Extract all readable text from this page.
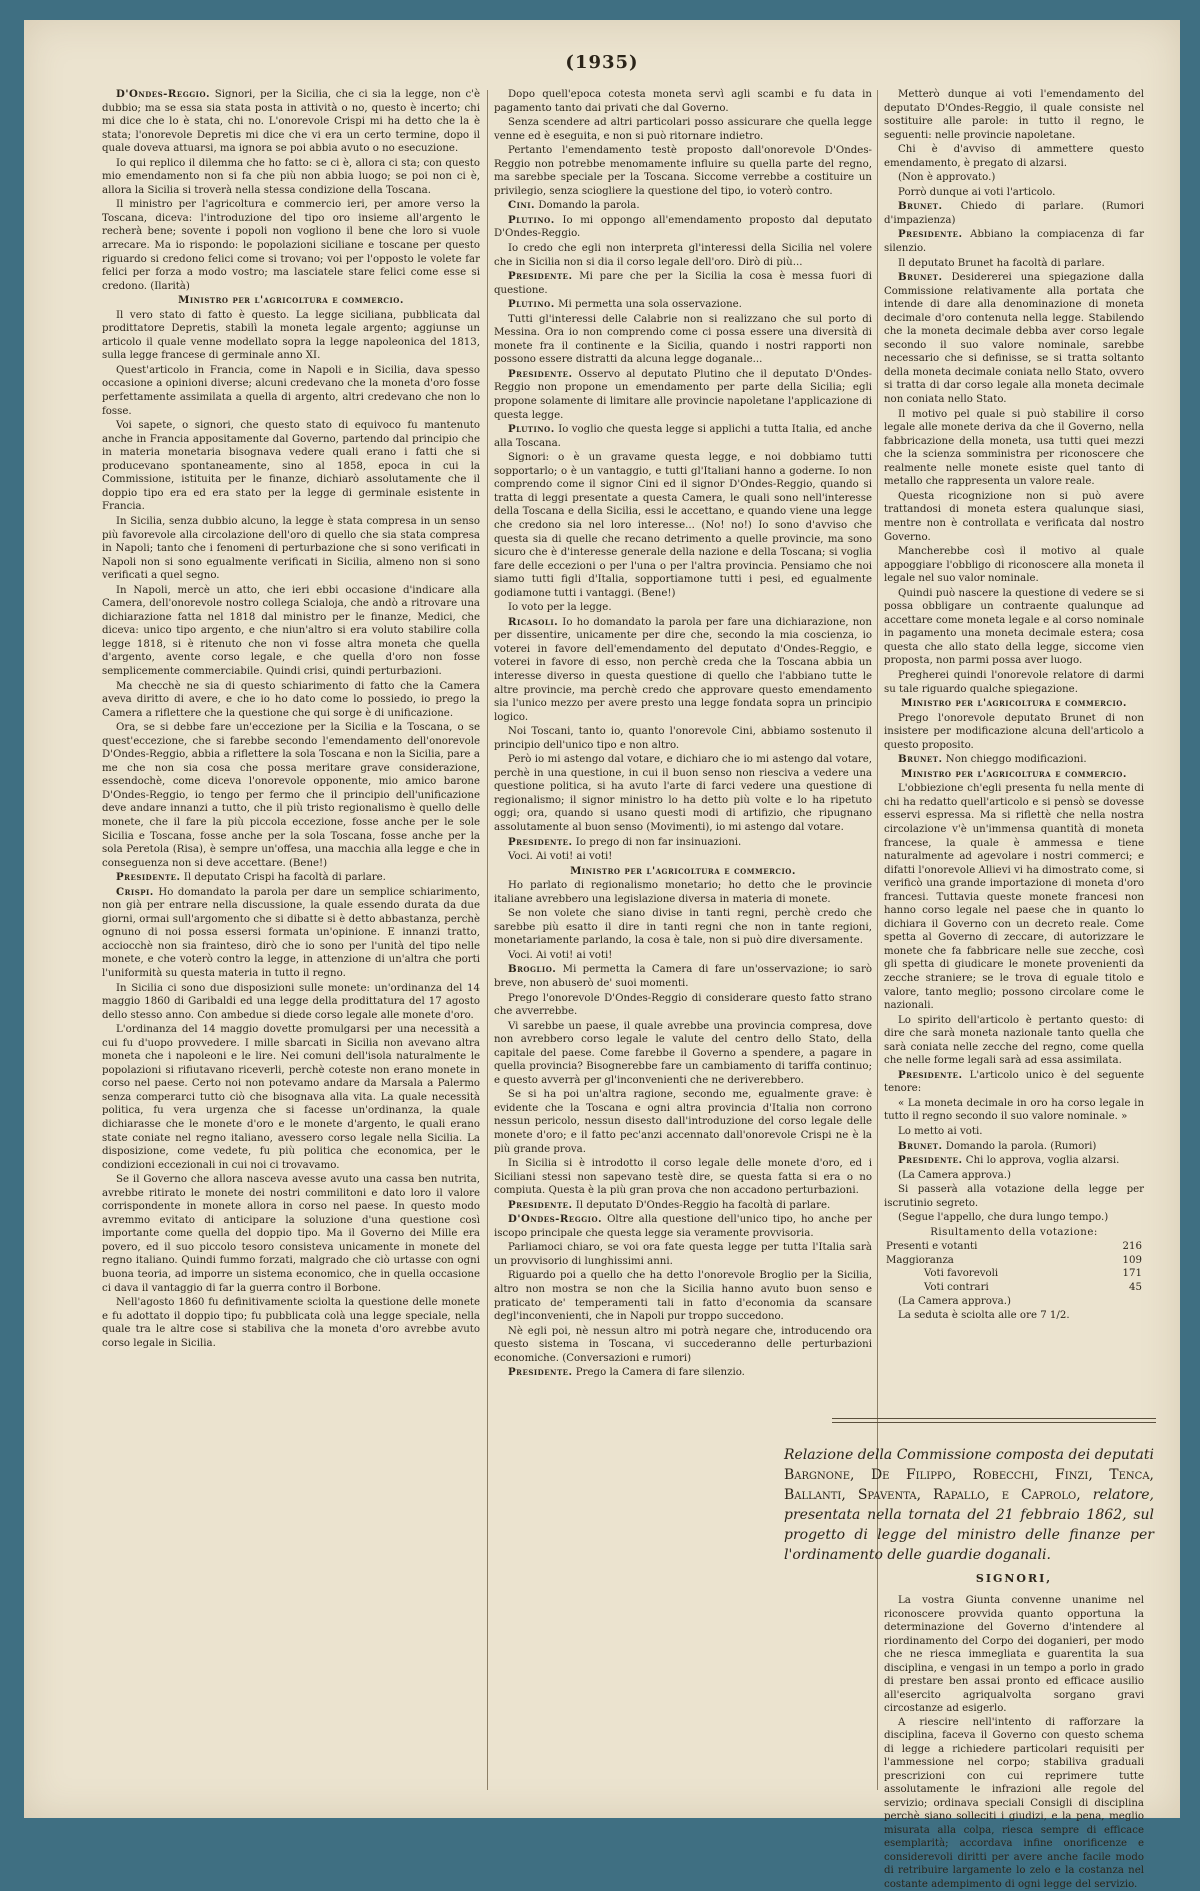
(1935)

D'Ondes-Reggio. Signori, per la Sicilia, che ci sia la legge, non c'è dubbio; ma se essa sia stata posta in attività o no, questo è incerto; chi mi dice che lo è stata, chi no. L'onorevole Crispi mi ha detto che la è stata; l'onorevole Depretis mi dice che vi era un certo termine, dopo il quale doveva attuarsi, ma ignora se poi abbia avuto o no esecuzione.

Io qui replico il dilemma che ho fatto: se ci è, allora ci sta; con questo mio emendamento non si fa che più non abbia luogo; se poi non ci è, allora la Sicilia si troverà nella stessa condizione della Toscana.

Il ministro per l'agricoltura e commercio ieri, per amore verso la Toscana, diceva: l'introduzione del tipo oro insieme all'argento le recherà bene; sovente i popoli non vogliono il bene che loro si vuole arrecare. Ma io rispondo: le popolazioni siciliane e toscane per questo riguardo si credono felici come si trovano; voi per l'opposto le volete far felici per forza a modo vostro; ma lasciatele stare felici come esse si credono. (Ilarità)

Ministro per l'agricoltura e commercio.

Il vero stato di fatto è questo. La legge siciliana, pubblicata dal prodittatore Depretis, stabilì la moneta legale argento; aggiunse un articolo il quale venne modellato sopra la legge napoleonica del 1813, sulla legge francese di germinale anno XI.

Quest'articolo in Francia, come in Napoli e in Sicilia, dava spesso occasione a opinioni diverse; alcuni credevano che la moneta d'oro fosse perfettamente assimilata a quella di argento, altri credevano che non lo fosse.

Voi sapete, o signori, che questo stato di equivoco fu mantenuto anche in Francia appositamente dal Governo, partendo dal principio che in materia monetaria bisognava vedere quali erano i fatti che si producevano spontaneamente, sino al 1858, epoca in cui la Commissione, istituita per le finanze, dichiarò assolutamente che il doppio tipo era ed era stato per la legge di germinale esistente in Francia.

In Sicilia, senza dubbio alcuno, la legge è stata compresa in un senso più favorevole alla circolazione dell'oro di quello che sia stata compresa in Napoli; tanto che i fenomeni di perturbazione che si sono verificati in Napoli non si sono egualmente verificati in Sicilia, almeno non si sono verificati a quel segno.

In Napoli, mercè un atto, che ieri ebbi occasione d'indicare alla Camera, dell'onorevole nostro collega Scialoja, che andò a ritrovare una dichiarazione fatta nel 1818 dal ministro per le finanze, Medici, che diceva: unico tipo argento, e che niun'altro si era voluto stabilire colla legge 1818, si è ritenuto che non vi fosse altra moneta che quella d'argento, avente corso legale, e che quella d'oro non fosse semplicemente commerciabile. Quindi crisi, quindi perturbazioni.

Ma checchè ne sia di questo schiarimento di fatto che la Camera aveva diritto di avere, e che io ho dato come lo possiedo, io prego la Camera a riflettere che la questione che qui sorge è di unificazione.

Ora, se si debbe fare un'eccezione per la Sicilia e la Toscana, o se quest'eccezione, che si farebbe secondo l'emendamento dell'onorevole D'Ondes-Reggio, abbia a riflettere la sola Toscana e non la Sicilia, pare a me che non sia cosa che possa meritare grave considerazione, essendochè, come diceva l'onorevole opponente, mio amico barone D'Ondes-Reggio, io tengo per fermo che il principio dell'unificazione deve andare innanzi a tutto, che il più tristo regionalismo è quello delle monete, che il fare la più piccola eccezione, fosse anche per le sole Sicilia e Toscana, fosse anche per la sola Toscana, fosse anche per la sola Peretola (Risa), è sempre un'offesa, una macchia alla legge e che in conseguenza non si deve accettare. (Bene!)

Presidente. Il deputato Crispi ha facoltà di parlare.

Crispi. Ho domandato la parola per dare un semplice schiarimento, non già per entrare nella discussione, la quale essendo durata da due giorni, ormai sull'argomento che si dibatte si è detto abbastanza, perchè ognuno di noi possa essersi formata un'opinione. E innanzi tratto, acciocchè non sia frainteso, dirò che io sono per l'unità del tipo nelle monete, e che voterò contro la legge, in attenzione di un'altra che porti l'uniformità su questa materia in tutto il regno.

In Sicilia ci sono due disposizioni sulle monete: un'ordinanza del 14 maggio 1860 di Garibaldi ed una legge della prodittatura del 17 agosto dello stesso anno. Con ambedue si diede corso legale alle monete d'oro.

L'ordinanza del 14 maggio dovette promulgarsi per una necessità a cui fu d'uopo provvedere. I mille sbarcati in Sicilia non avevano altra moneta che i napoleoni e le lire. Nei comuni dell'isola naturalmente le popolazioni si rifiutavano riceverli, perchè coteste non erano monete in corso nel paese. Certo noi non potevamo andare da Marsala a Palermo senza comperarci tutto ciò che bisognava alla vita. La quale necessità politica, fu vera urgenza che si facesse un'ordinanza, la quale dichiarasse che le monete d'oro e le monete d'argento, le quali erano state coniate nel regno italiano, avessero corso legale nella Sicilia. La disposizione, come vedete, fu più politica che economica, per le condizioni eccezionali in cui noi ci trovavamo.

Se il Governo che allora nasceva avesse avuto una cassa ben nutrita, avrebbe ritirato le monete dei nostri commilitoni e dato loro il valore corrispondente in monete allora in corso nel paese. In questo modo avremmo evitato di anticipare la soluzione d'una questione così importante come quella del doppio tipo. Ma il Governo dei Mille era povero, ed il suo piccolo tesoro consisteva unicamente in monete del regno italiano. Quindi fummo forzati, malgrado che ciò urtasse con ogni buona teoria, ad imporre un sistema economico, che in quella occasione ci dava il vantaggio di far la guerra contro il Borbone.

Nell'agosto 1860 fu definitivamente sciolta la questione delle monete e fu adottato il doppio tipo; fu pubblicata colà una legge speciale, nella quale tra le altre cose si stabiliva che la moneta d'oro avrebbe avuto corso legale in Sicilia.

Dopo quell'epoca cotesta moneta servì agli scambi e fu data in pagamento tanto dai privati che dal Governo.

Senza scendere ad altri particolari posso assicurare che quella legge venne ed è eseguita, e non si può ritornare indietro.

Pertanto l'emendamento testè proposto dall'onorevole D'Ondes-Reggio non potrebbe menomamente influire su quella parte del regno, ma sarebbe speciale per la Toscana. Siccome verrebbe a costituire un privilegio, senza sciogliere la questione del tipo, io voterò contro.

Cini. Domando la parola.

Plutino. Io mi oppongo all'emendamento proposto dal deputato D'Ondes-Reggio.

Io credo che egli non interpreta gl'interessi della Sicilia nel volere che in Sicilia non si dia il corso legale dell'oro. Dirò di più...

Presidente. Mi pare che per la Sicilia la cosa è messa fuori di questione.

Plutino. Mi permetta una sola osservazione.

Tutti gl'interessi delle Calabrie non si realizzano che sul porto di Messina. Ora io non comprendo come ci possa essere una diversità di monete fra il continente e la Sicilia, quando i nostri rapporti non possono essere distratti da alcuna legge doganale...

Presidente. Osservo al deputato Plutino che il deputato D'Ondes-Reggio non propone un emendamento per parte della Sicilia; egli propone solamente di limitare alle provincie napoletane l'applicazione di questa legge.

Plutino. Io voglio che questa legge si applichi a tutta Italia, ed anche alla Toscana.

Signori: o è un gravame questa legge, e noi dobbiamo tutti sopportarlo; o è un vantaggio, e tutti gl'Italiani hanno a goderne. Io non comprendo come il signor Cini ed il signor D'Ondes-Reggio, quando si tratta di leggi presentate a questa Camera, le quali sono nell'interesse della Toscana e della Sicilia, essi le accettano, e quando viene una legge che credono sia nel loro interesse... (No! no!) Io sono d'avviso che questa sia di quelle che recano detrimento a quelle provincie, ma sono sicuro che è d'interesse generale della nazione e della Toscana; si voglia fare delle eccezioni o per l'una o per l'altra provincia. Pensiamo che noi siamo tutti figli d'Italia, sopportiamone tutti i pesi, ed egualmente godiamone tutti i vantaggi. (Bene!)

Io voto per la legge.

Ricasoli. Io ho domandato la parola per fare una dichiarazione, non per dissentire, unicamente per dire che, secondo la mia coscienza, io voterei in favore dell'emendamento del deputato d'Ondes-Reggio, e voterei in favore di esso, non perchè creda che la Toscana abbia un interesse diverso in questa questione di quello che l'abbiano tutte le altre provincie, ma perchè credo che approvare questo emendamento sia l'unico mezzo per avere presto una legge fondata sopra un principio logico.

Noi Toscani, tanto io, quanto l'onorevole Cini, abbiamo sostenuto il principio dell'unico tipo e non altro.

Però io mi astengo dal votare, e dichiaro che io mi astengo dal votare, perchè in una questione, in cui il buon senso non riesciva a vedere una questione politica, si ha avuto l'arte di farci vedere una questione di regionalismo; il signor ministro lo ha detto più volte e lo ha ripetuto oggi; ora, quando si usano questi modi di artifizio, che ripugnano assolutamente al buon senso (Movimenti), io mi astengo dal votare.

Presidente. Io prego di non far insinuazioni.

Voci. Ai voti! ai voti!

Ministro per l'agricoltura e commercio.

Ho parlato di regionalismo monetario; ho detto che le provincie italiane avrebbero una legislazione diversa in materia di monete.

Se non volete che siano divise in tanti regni, perchè credo che sarebbe più esatto il dire in tanti regni che non in tante regioni, monetariamente parlando, la cosa è tale, non si può dire diversamente.

Voci. Ai voti! ai voti!

Broglio. Mi permetta la Camera di fare un'osservazione; io sarò breve, non abuserò de' suoi momenti.

Prego l'onorevole D'Ondes-Reggio di considerare questo fatto strano che avverrebbe.

Vi sarebbe un paese, il quale avrebbe una provincia compresa, dove non avrebbero corso legale le valute del centro dello Stato, della capitale del paese. Come farebbe il Governo a spendere, a pagare in quella provincia? Bisognerebbe fare un cambiamento di tariffa continuo; e questo avverrà per gl'inconvenienti che ne deriverebbero.

Se si ha poi un'altra ragione, secondo me, egualmente grave: è evidente che la Toscana e ogni altra provincia d'Italia non corrono nessun pericolo, nessun disesto dall'introduzione del corso legale delle monete d'oro; e il fatto pec'anzi accennato dall'onorevole Crispi ne è la più grande prova.

In Sicilia si è introdotto il corso legale delle monete d'oro, ed i Siciliani stessi non sapevano testè dire, se questa fatta si era o no compiuta. Questa è la più gran prova che non accadono perturbazioni.

Presidente. Il deputato D'Ondes-Reggio ha facoltà di parlare.

D'Ondes-Reggio. Oltre alla questione dell'unico tipo, ho anche per iscopo principale che questa legge sia veramente provvisoria.

Parliamoci chiaro, se voi ora fate questa legge per tutta l'Italia sarà un provvisorio di lunghissimi anni.

Riguardo poi a quello che ha detto l'onorevole Broglio per la Sicilia, altro non mostra se non che la Sicilia hanno avuto buon senso e praticato de' temperamenti tali in fatto d'economia da scansare degl'inconvenienti, che in Napoli pur troppo succedono.

Nè egli poi, nè nessun altro mi potrà negare che, introducendo ora questo sistema in Toscana, vi succederanno delle perturbazioni economiche. (Conversazioni e rumori)

Presidente. Prego la Camera di fare silenzio.

Metterò dunque ai voti l'emendamento del deputato D'Ondes-Reggio, il quale consiste nel sostituire alle parole: in tutto il regno, le seguenti: nelle provincie napoletane.

Chi è d'avviso di ammettere questo emendamento, è pregato di alzarsi.

(Non è approvato.)

Porrò dunque ai voti l'articolo.

Brunet. Chiedo di parlare. (Rumori d'impazienza)

Presidente. Abbiano la compiacenza di far silenzio.

Il deputato Brunet ha facoltà di parlare.

Brunet. Desidererei una spiegazione dalla Commissione relativamente alla portata che intende di dare alla denominazione di moneta decimale d'oro contenuta nella legge. Stabilendo che la moneta decimale debba aver corso legale secondo il suo valore nominale, sarebbe necessario che si definisse, se si tratta soltanto della moneta decimale coniata nello Stato, ovvero si tratta di dar corso legale alla moneta decimale non coniata nello Stato.

Il motivo pel quale si può stabilire il corso legale alle monete deriva da che il Governo, nella fabbricazione della moneta, usa tutti quei mezzi che la scienza somministra per riconoscere che realmente nelle monete esiste quel tanto di metallo che rappresenta un valore reale.

Questa ricognizione non si può avere trattandosi di moneta estera qualunque siasi, mentre non è controllata e verificata dal nostro Governo.

Mancherebbe così il motivo al quale appoggiare l'obbligo di riconoscere alla moneta il legale nel suo valor nominale.

Quindi può nascere la questione di vedere se si possa obbligare un contraente qualunque ad accettare come moneta legale e al corso nominale in pagamento una moneta decimale estera; cosa questa che allo stato della legge, siccome vien proposta, non parmi possa aver luogo.

Pregherei quindi l'onorevole relatore di darmi su tale riguardo qualche spiegazione.

Ministro per l'agricoltura e commercio.

Prego l'onorevole deputato Brunet di non insistere per modificazione alcuna dell'articolo a questo proposito.

Brunet. Non chieggo modificazioni.

Ministro per l'agricoltura e commercio.

L'obbiezione ch'egli presenta fu nella mente di chi ha redatto quell'articolo e si pensò se dovesse esservi espressa. Ma si riflettè che nella nostra circolazione v'è un'immensa quantità di moneta francese, la quale è ammessa e tiene naturalmente ad agevolare i nostri commerci; e difatti l'onorevole Allievi vi ha dimostrato come, si verificò una grande importazione di moneta d'oro francesi. Tuttavia queste monete francesi non hanno corso legale nel paese che in quanto lo dichiara il Governo con un decreto reale. Come spetta al Governo di zeccare, di autorizzare le monete che fa fabbricare nelle sue zecche, così gli spetta di giudicare le monete provenienti da zecche straniere; se le trova di eguale titolo e valore, tanto meglio; possono circolare come le nazionali.

Lo spirito dell'articolo è pertanto questo: di dire che sarà moneta nazionale tanto quella che sarà coniata nelle zecche del regno, come quella che nelle forme legali sarà ad essa assimilata.

Presidente. L'articolo unico è del seguente tenore:

« La moneta decimale in oro ha corso legale in tutto il regno secondo il suo valore nominale. »

Lo metto ai voti.

Brunet. Domando la parola. (Rumori)

Presidente. Chi lo approva, voglia alzarsi.

(La Camera approva.)

Si passerà alla votazione della legge per iscrutinio segreto.

(Segue l'appello, che dura lungo tempo.)

Risultamento della votazione:

Presenti e votanti	216
Maggioranza	109
Voti favorevoli	171
Voti contrari	45

(La Camera approva.)

La seduta è sciolta alle ore 7 1/2.

Relazione della Commissione composta dei deputati Bargnone, De Filippo, Robecchi, Finzi, Tenca, Ballanti, Spaventa, Rapallo, e Caprolo, relatore, presentata nella tornata del 21 febbraio 1862, sul progetto di legge del ministro delle finanze per l'ordinamento delle guardie doganali.
SIGNORI,

La vostra Giunta convenne unanime nel riconoscere provvida quanto opportuna la determinazione del Governo d'intendere al riordinamento del Corpo dei doganieri, per modo che ne riesca immegliata e guarentita la sua disciplina, e vengasi in un tempo a porlo in grado di prestare ben assai pronto ed efficace ausilio all'esercito agriqualvolta sorgano gravi circostanze ad esigerlo.

A riescire nell'intento di rafforzare la disciplina, faceva il Governo con questo schema di legge a richiedere particolari requisiti per l'ammessione nel corpo; stabiliva graduali prescrizioni con cui reprimere tutte assolutamente le infrazioni alle regole del servizio; ordinava speciali Consigli di disciplina perchè siano solleciti i giudizi, e la pena, meglio misurata alla colpa, riesca sempre di efficace esemplarità; accordava infine onorificenze e considerevoli diritti per avere anche facile modo di retribuire largamente lo zelo e la costanza nel costante adempimento di ogni legge del servizio.
